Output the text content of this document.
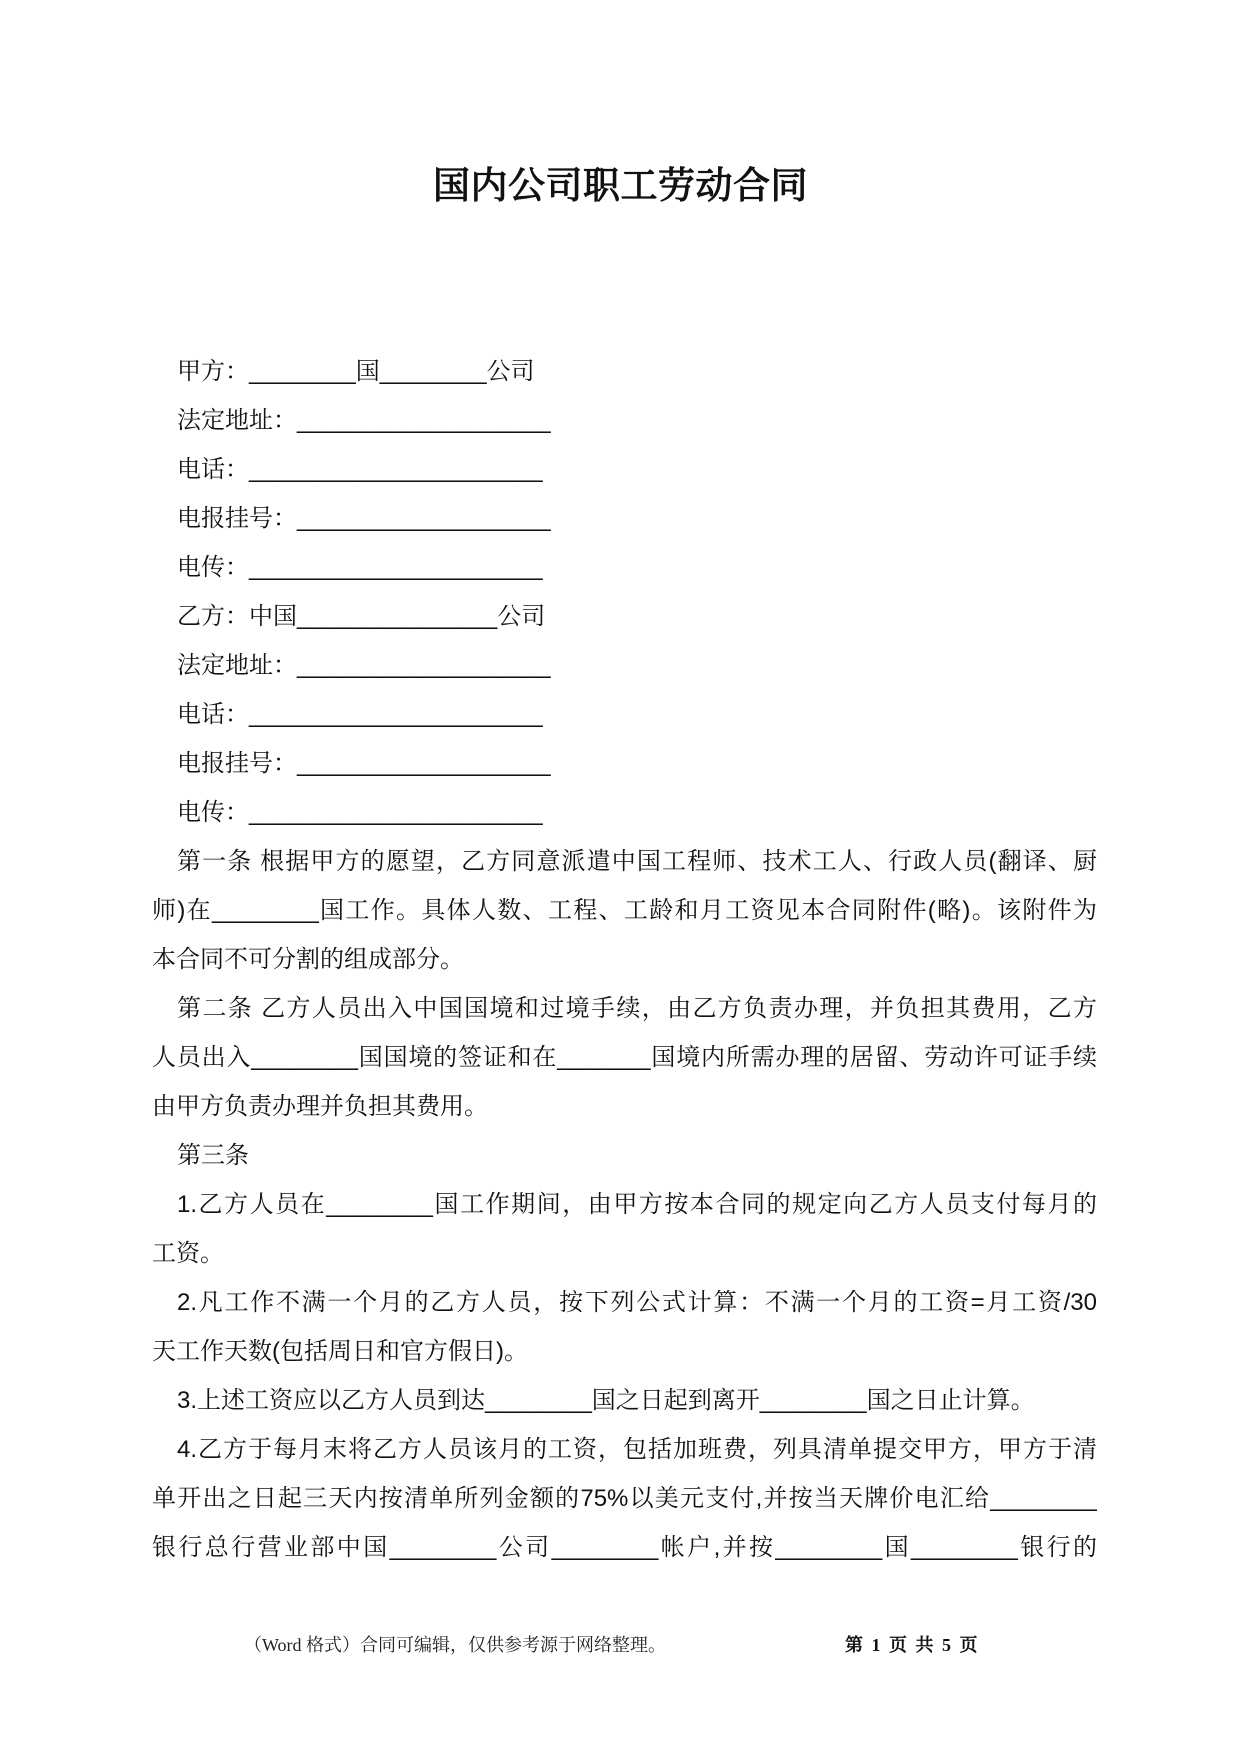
国内公司职工劳动合同
甲方：________国________公司
法定地址：___________________
电话：______________________
电报挂号：___________________
电传：______________________
乙方：中国_______________公司
法定地址：___________________
电话：______________________
电报挂号：___________________
电传：______________________
第一条 根据甲方的愿望，乙方同意派遣中国工程师、技术工人、行政人员(翻译、厨
师)在________国工作。具体人数、工程、工龄和月工资见本合同附件(略)。该附件为
本合同不可分割的组成部分。
第二条 乙方人员出入中国国境和过境手续，由乙方负责办理，并负担其费用，乙方
人员出入________国国境的签证和在_______国境内所需办理的居留、劳动许可证手续
由甲方负责办理并负担其费用。
第三条
1.乙方人员在________国工作期间，由甲方按本合同的规定向乙方人员支付每月的
工资。
2.凡工作不满一个月的乙方人员，按下列公式计算：不满一个月的工资=月工资/30
天工作天数(包括周日和官方假日)。
3.上述工资应以乙方人员到达________国之日起到离开________国之日止计算。
4.乙方于每月末将乙方人员该月的工资，包括加班费，列具清单提交甲方，甲方于清
单开出之日起三天内按清单所列金额的75%以美元支付,并按当天牌价电汇给________
银行总行营业部中国________公司________帐户,并按________国________银行的
（Word 格式）合同可编辑，仅供参考源于网络整理。	第 1 页 共 5 页
